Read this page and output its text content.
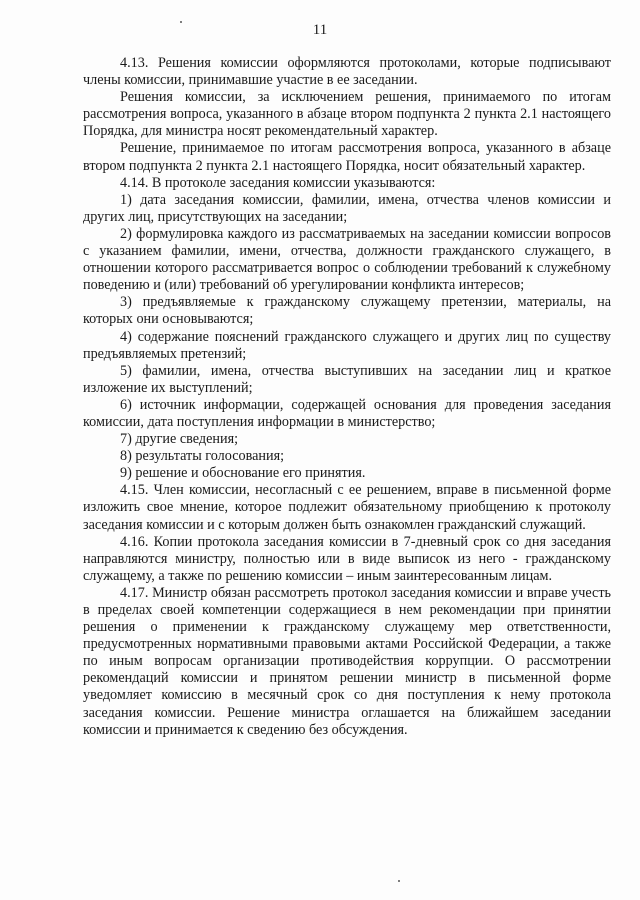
11

4.13. Решения комиссии оформляются протоколами, которые подписывают члены комиссии, принимавшие участие в ее заседании.

Решения комиссии, за исключением решения, принимаемого по итогам рассмотрения вопроса, указанного в абзаце втором подпункта 2 пункта 2.1 настоящего Порядка, для министра носят рекомендательный характер.

Решение, принимаемое по итогам рассмотрения вопроса, указанного в абзаце втором подпункта 2 пункта 2.1 настоящего Порядка, носит обязательный характер.

4.14. В протоколе заседания комиссии указываются:

1) дата заседания комиссии, фамилии, имена, отчества членов комиссии и других лиц, присутствующих на заседании;

2) формулировка каждого из рассматриваемых на заседании комиссии вопросов с указанием фамилии, имени, отчества, должности гражданского служащего, в отношении которого рассматривается вопрос о соблюдении требований к служебному поведению и (или) требований об урегулировании конфликта интересов;

3) предъявляемые к гражданскому служащему претензии, материалы, на которых они основываются;

4) содержание пояснений гражданского служащего и других лиц по существу предъявляемых претензий;

5) фамилии, имена, отчества выступивших на заседании лиц и краткое изложение их выступлений;

6) источник информации, содержащей основания для проведения заседания комиссии, дата поступления информации в министерство;

7) другие сведения;

8) результаты голосования;

9) решение и обоснование его принятия.

4.15. Член комиссии, несогласный с ее решением, вправе в письменной форме изложить свое мнение, которое подлежит обязательному приобщению к протоколу заседания комиссии и с которым должен быть ознакомлен гражданский служащий.

4.16. Копии протокола заседания комиссии в 7-дневный срок со дня заседания направляются министру, полностью или в виде выписок из него - гражданскому служащему, а также по решению комиссии – иным заинтересованным лицам.

4.17. Министр обязан рассмотреть протокол заседания комиссии и вправе учесть в пределах своей компетенции содержащиеся в нем рекомендации при принятии решения о применении к гражданскому служащему мер ответственности, предусмотренных нормативными правовыми актами Российской Федерации, а также по иным вопросам организации противодействия коррупции. О рассмотрении рекомендаций комиссии и принятом решении министр в письменной форме уведомляет комиссию в месячный срок со дня поступления к нему протокола заседания комиссии. Решение министра оглашается на ближайшем заседании комиссии и принимается к сведению без обсуждения.
